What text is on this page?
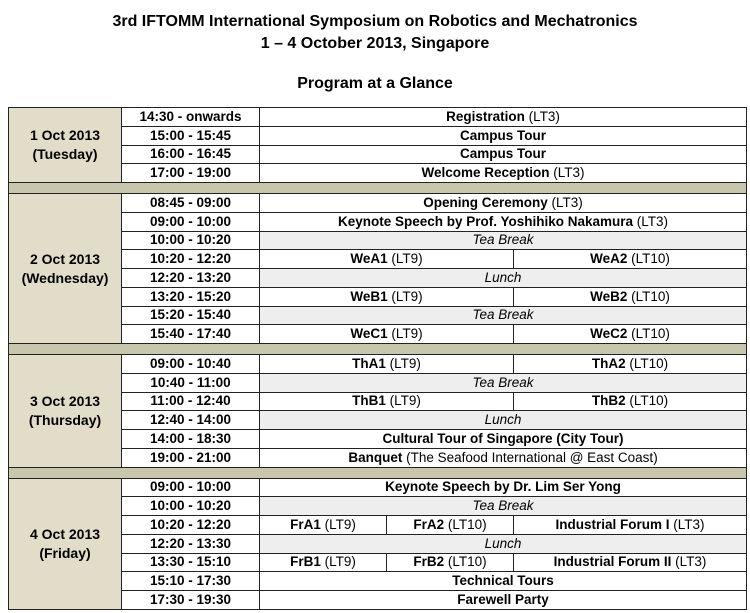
3rd IFTOMM International Symposium on Robotics and Mechatronics
1 – 4 October 2013, Singapore
Program at a Glance
1 Oct 2013
(Tuesday)	14:30 - onwards	Registration (LT3)		
	15:00 - 15:45	Campus Tour		
	16:00 - 16:45	Campus Tour		
	17:00 - 19:00	Welcome Reception (LT3)		

2 Oct 2013
(Wednesday)	08:45 - 09:00	Opening Ceremony (LT3)		
	09:00 - 10:00	Keynote Speech by Prof. Yoshihiko Nakamura (LT3)		
	10:00 - 10:20	Tea Break		
	10:20 - 12:20	WeA1 (LT9)		WeA2 (LT10)
	12:20 - 13:20	Lunch		
	13:20 - 15:20	WeB1 (LT9)		WeB2 (LT10)
	15:20 - 15:40	Tea Break		
	15:40 - 17:40	WeC1 (LT9)		WeC2 (LT10)

3 Oct 2013
(Thursday)	09:00 - 10:40	ThA1 (LT9)		ThA2 (LT10)
	10:40 - 11:00	Tea Break		
	11:00 - 12:40	ThB1 (LT9)		ThB2 (LT10)
	12:40 - 14:00	Lunch		
	14:00 - 18:30	Cultural Tour of Singapore (City Tour)		
	19:00 - 21:00	Banquet (The Seafood International @ East Coast)		

4 Oct 2013
(Friday)	09:00 - 10:00	Keynote Speech by Dr. Lim Ser Yong		
	10:00 - 10:20	Tea Break		
	10:20 - 12:20	FrA1 (LT9)	FrA2 (LT10)	Industrial Forum I (LT3)
	12:20 - 13:30	Lunch		
	13:30 - 15:10	FrB1 (LT9)	FrB2 (LT10)	Industrial Forum II (LT3)
	15:10 - 17:30	Technical Tours		
	17:30 - 19:30	Farewell Party		
